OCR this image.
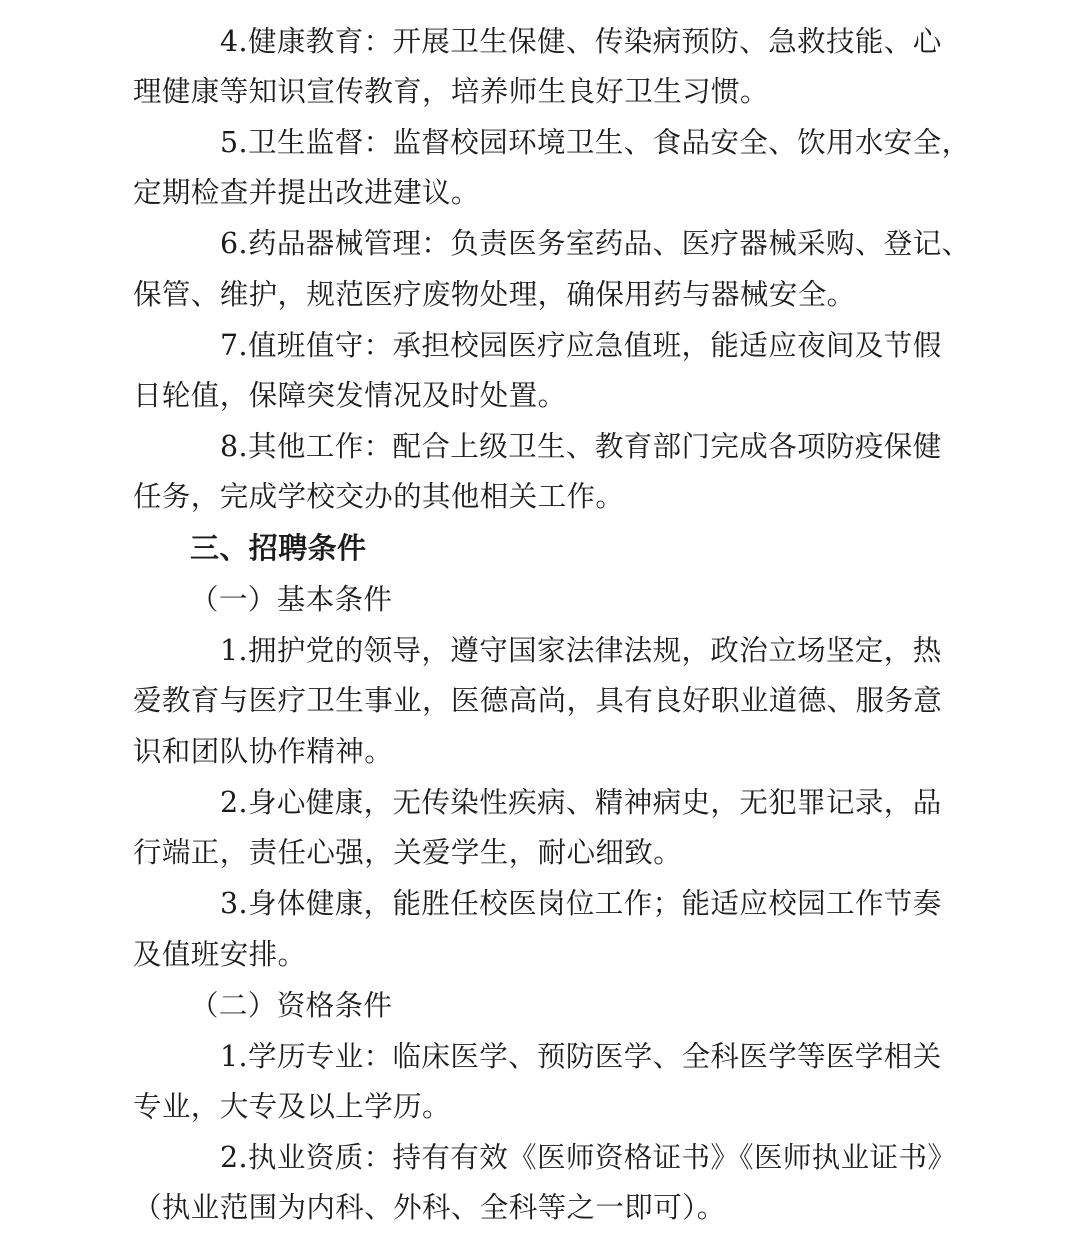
4.健康教育：开展卫生保健、传染病预防、急救技能、心
理健康等知识宣传教育，培养师生良好卫生习惯。
5.卫生监督：监督校园环境卫生、食品安全、饮用水安全，
定期检查并提出改进建议。
6.药品器械管理：负责医务室药品、医疗器械采购、登记、
保管、维护，规范医疗废物处理，确保用药与器械安全。
7.值班值守：承担校园医疗应急值班，能适应夜间及节假
日轮值，保障突发情况及时处置。
8.其他工作：配合上级卫生、教育部门完成各项防疫保健
任务，完成学校交办的其他相关工作。
三、招聘条件
（一）基本条件
1.拥护党的领导，遵守国家法律法规，政治立场坚定，热
爱教育与医疗卫生事业，医德高尚，具有良好职业道德、服务意
识和团队协作精神。
2.身心健康，无传染性疾病、精神病史，无犯罪记录，品
行端正，责任心强，关爱学生，耐心细致。
3.身体健康，能胜任校医岗位工作；能适应校园工作节奏
及值班安排。
（二）资格条件
1.学历专业：临床医学、预防医学、全科医学等医学相关
专业，大专及以上学历。
2.执业资质：持有有效《医师资格证书》《医师执业证书》
（执业范围为内科、外科、全科等之一即可）。
